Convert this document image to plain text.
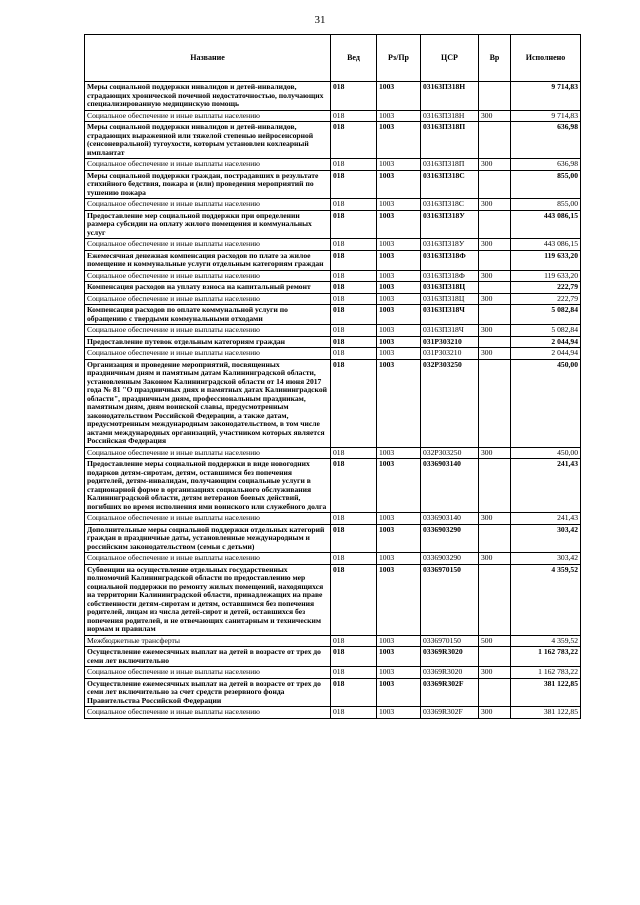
31
Название	Вед	Рз/Пр	ЦСР	Вр	Исполнено
Меры социальной поддержки инвалидов и детей-инвалидов, страдающих хронической почечной недостаточностью, получающих специализированную медицинскую помощь	018	1003	03163П318Н		9 714,83
Социальное обеспечение и иные выплаты населению	018	1003	03163П318Н	300	9 714,83
Меры социальной поддержки инвалидов и детей-инвалидов, страдающих выраженной или тяжелой степенью нейросенсорной (сенсоневральной) тугоухости, которым установлен кохлеарный имплантат	018	1003	03163П318П		636,98
Социальное обеспечение и иные выплаты населению	018	1003	03163П318П	300	636,98
Меры социальной поддержки граждан, пострадавших в результате стихийного бедствия, пожара и (или) проведения мероприятий по тушению пожара	018	1003	03163П318С		855,00
Социальное обеспечение и иные выплаты населению	018	1003	03163П318С	300	855,00
Предоставление мер социальной поддержки при определении размера субсидии на оплату жилого помещения и коммунальных услуг	018	1003	03163П318У		443 086,15
Социальное обеспечение и иные выплаты населению	018	1003	03163П318У	300	443 086,15
Ежемесячная денежная компенсация расходов по плате за жилое помещение и коммунальные услуги отдельным категориям граждан	018	1003	03163П318Ф		119 633,20
Социальное обеспечение и иные выплаты населению	018	1003	03163П318Ф	300	119 633,20
Компенсация расходов на уплату взноса на капитальный ремонт	018	1003	03163П318Ц		222,79
Социальное обеспечение и иные выплаты населению	018	1003	03163П318Ц	300	222,79
Компенсация расходов по оплате коммунальной услуги по обращению с твердыми коммунальными отходами	018	1003	03163П318Ч		5 082,84
Социальное обеспечение и иные выплаты населению	018	1003	03163П318Ч	300	5 082,84
Предоставление путевок отдельным категориям граждан	018	1003	031Р303210		2 044,94
Социальное обеспечение и иные выплаты населению	018	1003	031Р303210	300	2 044,94
Организация и проведение мероприятий, посвященных праздничным дням и памятным датам Калининградской области, установленным Законом Калининградской области от 14 июня 2017 года № 81 "О праздничных днях и памятных датах Калининградской области", праздничным дням, профессиональным праздникам, памятным дням, дням воинской славы, предусмотренным законодательством Российской Федерации, а также датам, предусмотренным международным законодательством, в том числе актами международных организаций, участником которых является Российская Федерация	018	1003	032Р303250		450,00
Социальное обеспечение и иные выплаты населению	018	1003	032Р303250	300	450,00
Предоставление меры социальной поддержки в виде новогодних подарков детям-сиротам, детям, оставшимся без попечения родителей, детям-инвалидам, получающим социальные услуги в стационарной форме в организациях социального обслуживания Калининградской области, детям ветеранов боевых действий, погибших во время исполнения ими воинского или служебного долга	018	1003	0336903140		241,43
Социальное обеспечение и иные выплаты населению	018	1003	0336903140	300	241,43
Дополнительные меры социальной поддержки отдельных категорий граждан в праздничные даты, установленные международным и российским законодательством (семьи с детьми)	018	1003	0336903290		303,42
Социальное обеспечение и иные выплаты населению	018	1003	0336903290	300	303,42
Субвенции на осуществление отдельных государственных полномочий Калининградской области по предоставлению мер социальной поддержки по ремонту жилых помещений, находящихся на территории Калининградской области, принадлежащих на праве собственности детям-сиротам и детям, оставшимся без попечения родителей, лицам из числа детей-сирот и детей, оставшихся без попечения родителей, и не отвечающих санитарным и техническим нормам и правилам	018	1003	0336970150		4 359,52
Межбюджетные трансферты	018	1003	0336970150	500	4 359,52
Осуществление ежемесячных выплат на детей в возрасте от трех до семи лет включительно	018	1003	03369R3020		1 162 783,22
Социальное обеспечение и иные выплаты населению	018	1003	03369R3020	300	1 162 783,22
Осуществление ежемесячных выплат на детей в возрасте от трех до семи лет включительно за счет средств резервного фонда Правительства Российской Федерации	018	1003	03369R302F		381 122,85
Социальное обеспечение и иные выплаты населению	018	1003	03369R302F	300	381 122,85
